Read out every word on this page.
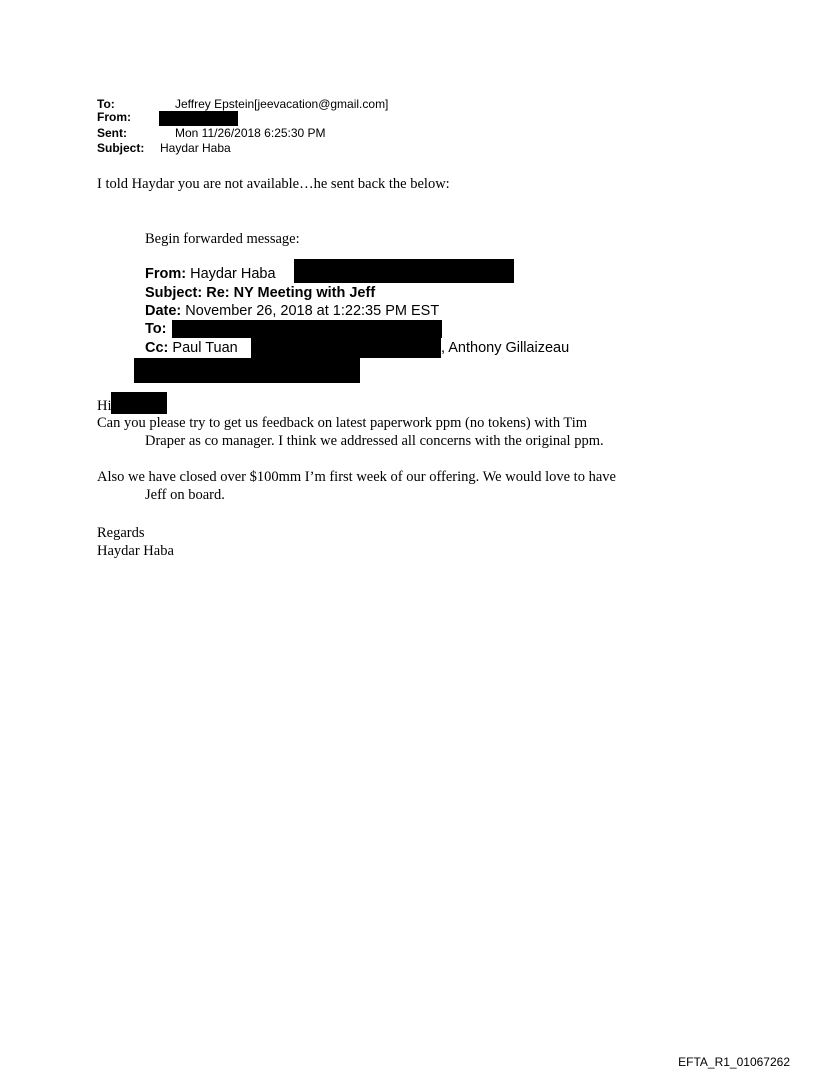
To:	Jeffrey Epstein[jeevacation@gmail.com]
From:
Sent:	Mon 11/26/2018 6:25:30 PM
Subject: Haydar Haba
I told Haydar you are not available…he sent back the below:
Begin forwarded message:
From: Haydar Haba
Subject: Re: NY Meeting with Jeff
Date: November 26, 2018 at 1:22:35 PM EST
To:
Cc: Paul Tuan	, Anthony Gillaizeau
Hi
Can you please try to get us feedback on latest paperwork ppm (no tokens) with Tim
Draper as co manager. I think we addressed all concerns with the original ppm.
Also we have closed over $100mm I’m first week of our offering. We would love to have
Jeff on board.
Regards
Haydar Haba
EFTA_R1_01067262
